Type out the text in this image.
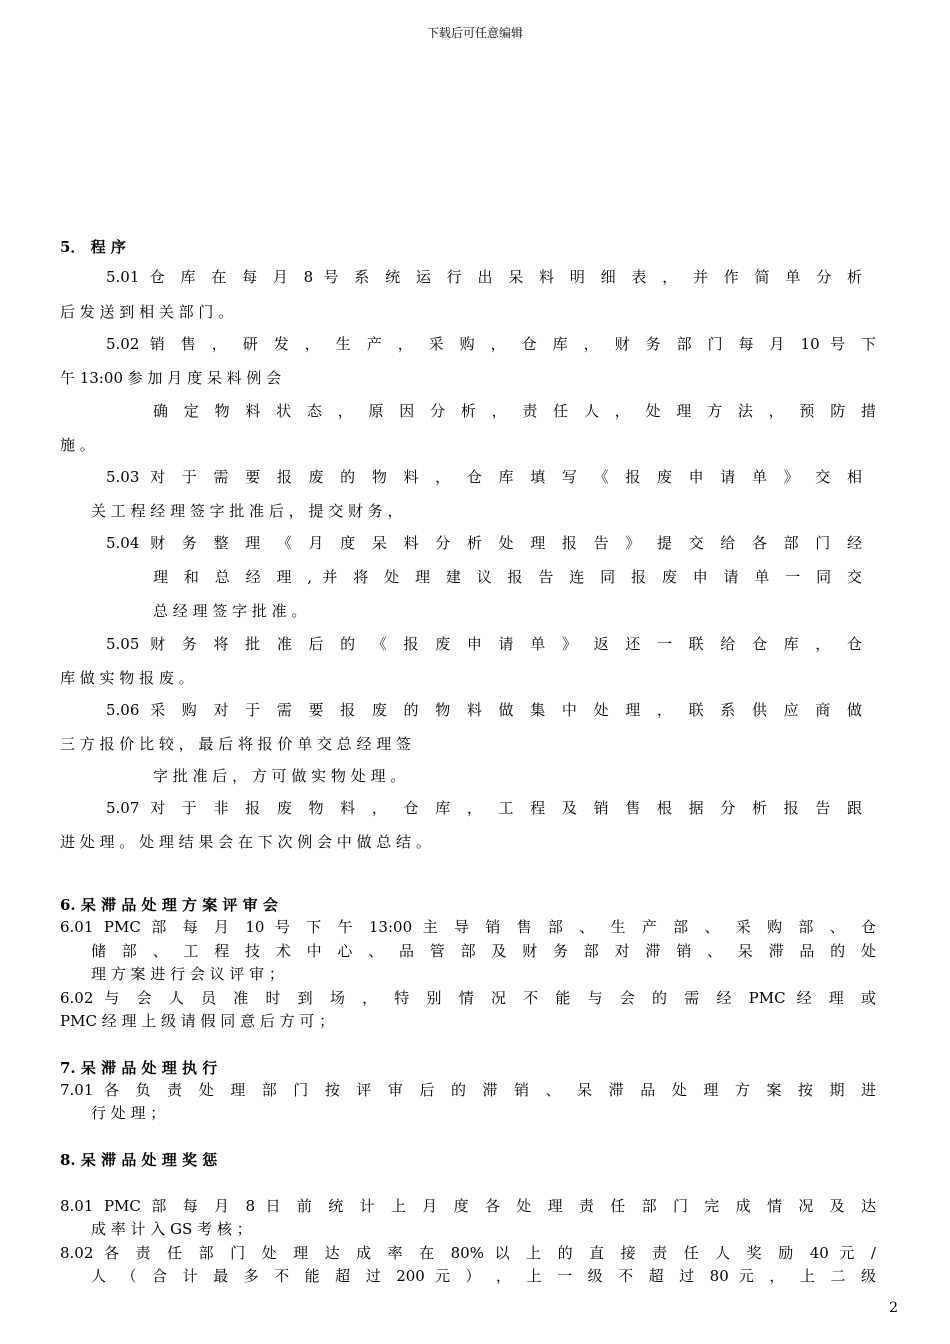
下载后可任意编辑
5． 程 序
5.01 仓 库 在 每 月 8 号 系 统 运 行 出 呆 料 明 细 表 ， 并 作 简 单 分 析
后 发 送 到 相 关 部 门 。
5.02 销 售 ， 研 发 ， 生 产 ， 采 购 ， 仓 库 ， 财 务 部 门 每 月 10 号 下
午 13:00 参 加 月 度 呆 料 例 会
确 定 物 料 状 态 ， 原 因 分 析 ， 责 任 人 ， 处 理 方 法 ， 预 防 措
施 。
5.03 对 于 需 要 报 废 的 物 料 ， 仓 库 填 写 《 报 废 申 请 单 》 交 相
关 工 程 经 理 签 字 批 准 后 ， 提 交 财 务 ，
5.04 财 务 整 理 《 月 度 呆 料 分 析 处 理 报 告 》 提 交 给 各 部 门 经
理 和 总 经 理 , 并 将 处 理 建 议 报 告 连 同 报 废 申 请 单 一 同 交
总 经 理 签 字 批 准 。
5.05 财 务 将 批 准 后 的 《 报 废 申 请 单 》 返 还 一 联 给 仓 库 ， 仓
库 做 实 物 报 废 。
5.06 采 购 对 于 需 要 报 废 的 物 料 做 集 中 处 理 ， 联 系 供 应 商 做
三 方 报 价 比 较 ， 最 后 将 报 价 单 交 总 经 理 签
字 批 准 后 ， 方 可 做 实 物 处 理 。
5.07 对 于 非 报 废 物 料 ， 仓 库 ， 工 程 及 销 售 根 据 分 析 报 告 跟
进 处 理 。 处 理 结 果 会 在 下 次 例 会 中 做 总 结 。
6. 呆 滞 品 处 理 方 案 评 审 会
6.01 PMC 部 每 月 10 号 下 午 13:00 主 导 销 售 部 、 生 产 部 、 采 购 部 、 仓
储 部 、 工 程 技 术 中 心 、 品 管 部 及 财 务 部 对 滞 销 、 呆 滞 品 的 处
理 方 案 进 行 会 议 评 审 ；
6.02 与 会 人 员 准 时 到 场 ， 特 别 情 况 不 能 与 会 的 需 经 PMC 经 理 或
PMC 经 理 上 级 请 假 同 意 后 方 可 ；
7. 呆 滞 品 处 理 执 行
7.01 各 负 责 处 理 部 门 按 评 审 后 的 滞 销 、 呆 滞 品 处 理 方 案 按 期 进
行 处 理 ；
8. 呆 滞 品 处 理 奖 惩
8.01 PMC 部 每 月 8 日 前 统 计 上 月 度 各 处 理 责 任 部 门 完 成 情 况 及 达
成 率 计 入 GS 考 核 ；
8.02 各 责 任 部 门 处 理 达 成 率 在 80% 以 上 的 直 接 责 任 人 奖 励 40 元 /
人 （ 合 计 最 多 不 能 超 过 200 元 ） ， 上 一 级 不 超 过 80 元 ， 上 二 级
2
